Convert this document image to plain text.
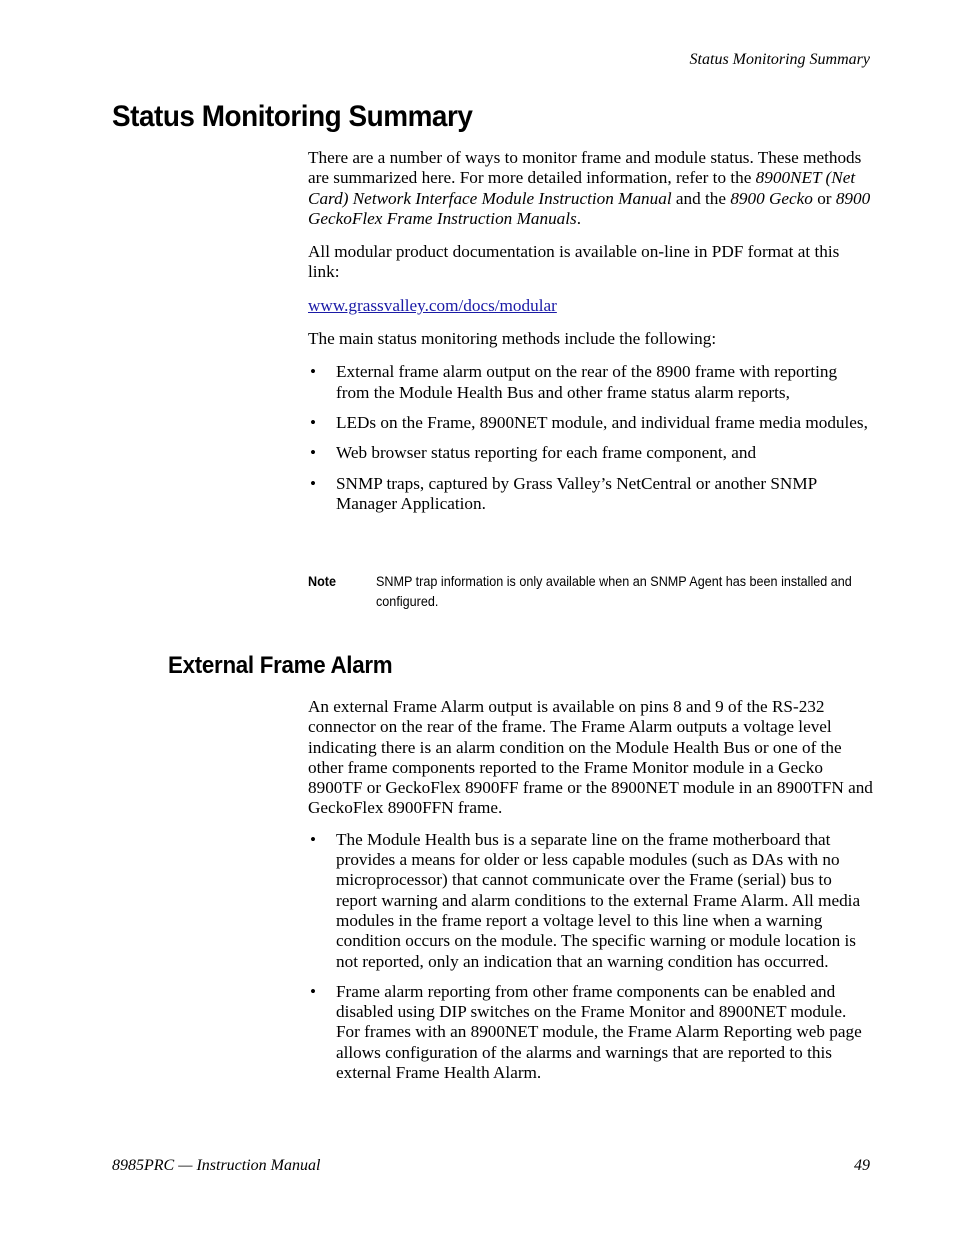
Status Monitoring Summary
Status Monitoring Summary

There are a number of ways to monitor frame and module status. These methods are summarized here. For more detailed information, refer to the 8900NET (Net Card) Network Interface Module Instruction Manual and the 8900 Gecko or 8900 GeckoFlex Frame Instruction Manuals.

All modular product documentation is available on-line in PDF format at this link:

www.grassvalley.com/docs/modular

The main status monitoring methods include the following:

• External frame alarm output on the rear of the 8900 frame with reporting from the Module Health Bus and other frame status alarm reports,
• LEDs on the Frame, 8900NET module, and individual frame media modules,
• Web browser status reporting for each frame component, and
• SNMP traps, captured by Grass Valley’s NetCentral or another SNMP Manager Application.
Note	SNMP trap information is only available when an SNMP Agent has been installed and configured.
External Frame Alarm

An external Frame Alarm output is available on pins 8 and 9 of the RS-232 connector on the rear of the frame. The Frame Alarm outputs a voltage level indicating there is an alarm condition on the Module Health Bus or one of the other frame components reported to the Frame Monitor module in a Gecko 8900TF or GeckoFlex 8900FF frame or the 8900NET module in an 8900TFN and GeckoFlex 8900FFN frame.

• The Module Health bus is a separate line on the frame motherboard that provides a means for older or less capable modules (such as DAs with no microprocessor) that cannot communicate over the Frame (serial) bus to report warning and alarm conditions to the external Frame Alarm. All media modules in the frame report a voltage level to this line when a warning condition occurs on the module. The specific warning or module location is not reported, only an indication that an warning condition has occurred.
• Frame alarm reporting from other frame components can be enabled and disabled using DIP switches on the Frame Monitor and 8900NET module. For frames with an 8900NET module, the Frame Alarm Reporting web page allows configuration of the alarms and warnings that are reported to this external Frame Health Alarm.
8985PRC — Instruction Manual	49
